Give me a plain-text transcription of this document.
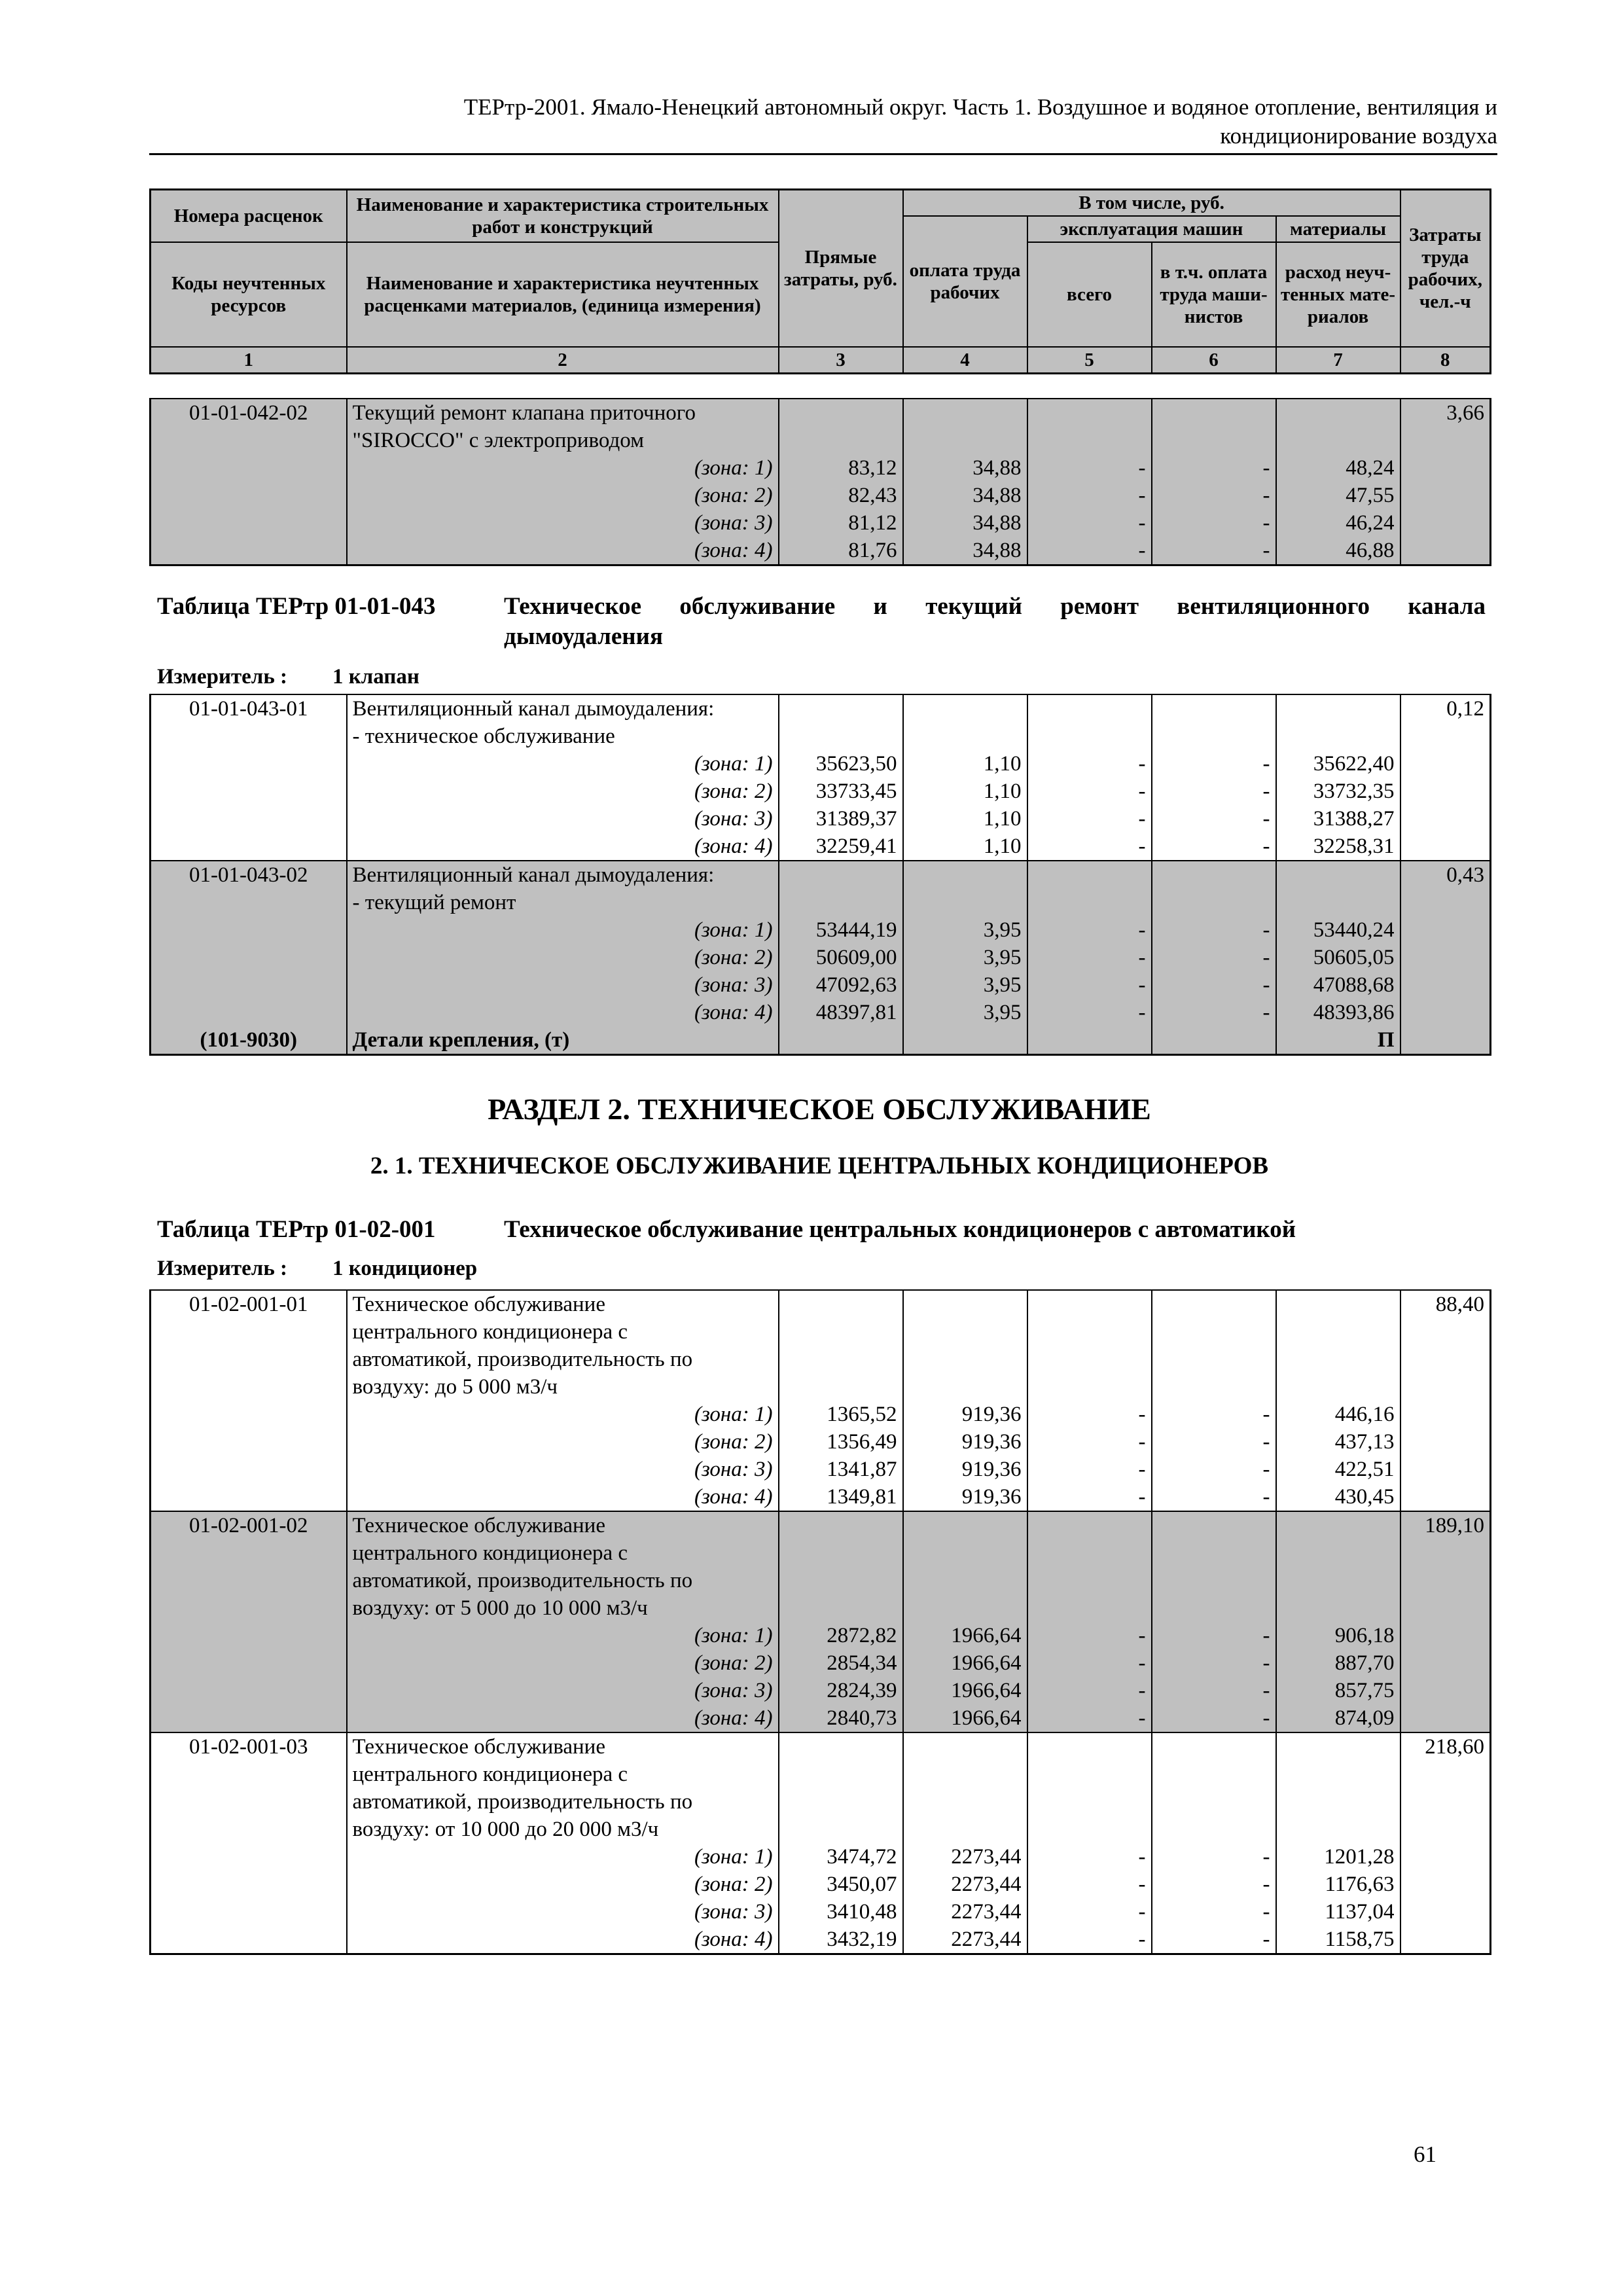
ТЕРтр-2001. Ямало-Ненецкий автономный округ. Часть 1. Воздушное и водяное отопление, вентиляция и
кондиционирование воздуха
Номера расценок	Наименование и характеристика строительных работ и конструкций	Прямые затраты, руб.	В том числе, руб.				Затраты труда рабочих, чел.-ч
			оплата труда рабочих	эксплуатация машин		материалы	
Коды неучтенных ресурсов	Наименование и характеристика неучтенных расценками материалов, (единица измерения)			всего	в т.ч. оплата труда маши-нистов	расход неуч-тенных мате-риалов	

1	2	3	4	5	6	7	8
01-01-042-02	Текущий ремонт клапана приточного						3,66
	"SIROCCO" с электроприводом						

	(зона: 1)	83,12	34,88	-	-	48,24	

	(зона: 2)	82,43	34,88	-	-	47,55	

	(зона: 3)	81,12	34,88	-	-	46,24	

	(зона: 4)	81,76	34,88	-	-	46,88	
Таблица ТЕРтр 01-01-043	Техническое обслуживание и текущий ремонт вентиляционного канала
дымоудаления
Измеритель : 1 клапан
01-01-043-01	Вентиляционный канал дымоудаления:						0,12
	- техническое обслуживание						

	(зона: 1)	35623,50	1,10	-	-	35622,40	

	(зона: 2)	33733,45	1,10	-	-	33732,35	

	(зона: 3)	31389,37	1,10	-	-	31388,27	

	(зона: 4)	32259,41	1,10	-	-	32258,31	
01-01-043-02	Вентиляционный канал дымоудаления:						0,43
	- текущий ремонт						

	(зона: 1)	53444,19	3,95	-	-	53440,24	

	(зона: 2)	50609,00	3,95	-	-	50605,05	

	(зона: 3)	47092,63	3,95	-	-	47088,68	

	(зона: 4)	48397,81	3,95	-	-	48393,86	
(101-9030)	Детали крепления, (т)					П	
РАЗДЕЛ 2. ТЕХНИЧЕСКОЕ ОБСЛУЖИВАНИЕ
2. 1. ТЕХНИЧЕСКОЕ ОБСЛУЖИВАНИЕ ЦЕНТРАЛЬНЫХ КОНДИЦИОНЕРОВ
Таблица ТЕРтр 01-02-001	Техническое обслуживание центральных кондиционеров с автоматикой
Измеритель : 1 кондиционер
01-02-001-01	Техническое обслуживание						88,40
	центрального кондиционера с						
	автоматикой, производительность по						
	воздуху: до 5 000 м3/ч						

	(зона: 1)	1365,52	919,36	-	-	446,16	

	(зона: 2)	1356,49	919,36	-	-	437,13	

	(зона: 3)	1341,87	919,36	-	-	422,51	

	(зона: 4)	1349,81	919,36	-	-	430,45	
01-02-001-02	Техническое обслуживание						189,10
	центрального кондиционера с						
	автоматикой, производительность по						
	воздуху: от 5 000 до 10 000 м3/ч						

	(зона: 1)	2872,82	1966,64	-	-	906,18	

	(зона: 2)	2854,34	1966,64	-	-	887,70	

	(зона: 3)	2824,39	1966,64	-	-	857,75	

	(зона: 4)	2840,73	1966,64	-	-	874,09	
01-02-001-03	Техническое обслуживание						218,60
	центрального кондиционера с						
	автоматикой, производительность по						
	воздуху: от 10 000 до 20 000 м3/ч						

	(зона: 1)	3474,72	2273,44	-	-	1201,28	

	(зона: 2)	3450,07	2273,44	-	-	1176,63	

	(зона: 3)	3410,48	2273,44	-	-	1137,04	

	(зона: 4)	3432,19	2273,44	-	-	1158,75	
61
